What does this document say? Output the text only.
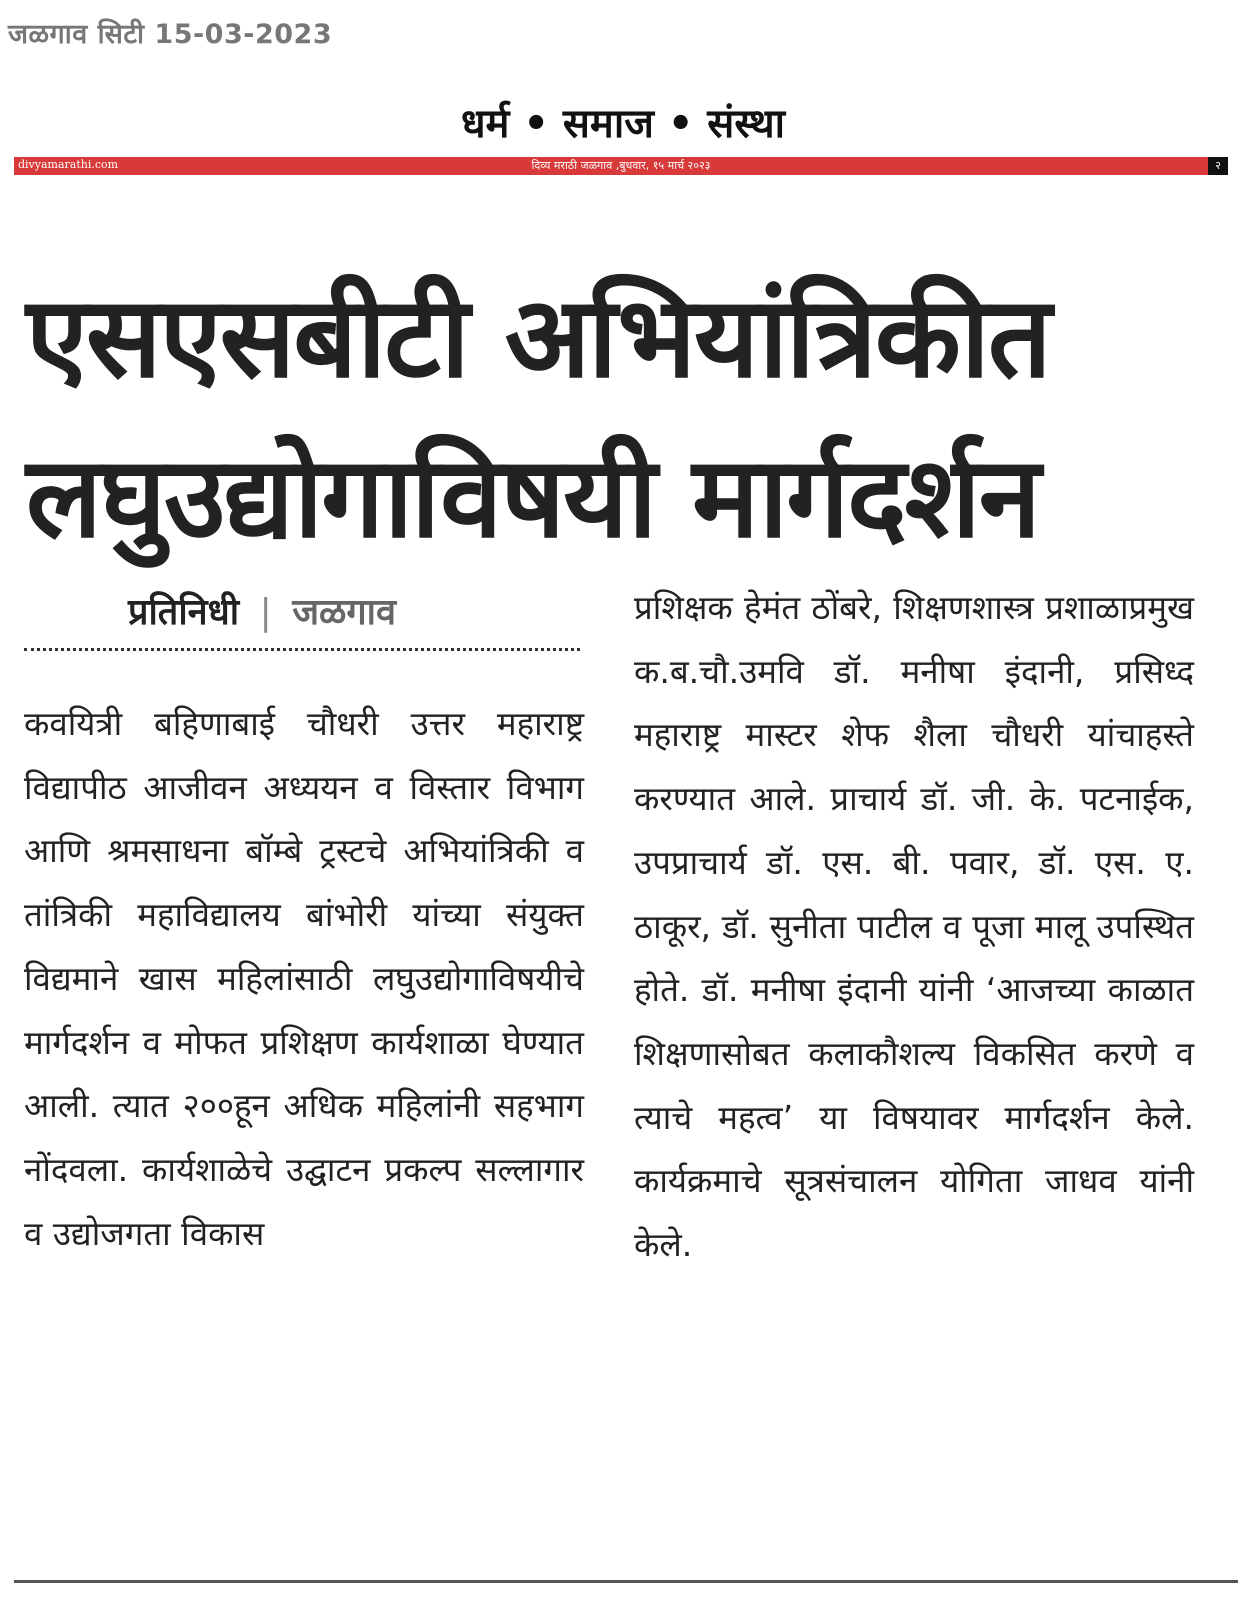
जळगाव सिटी 15-03-2023
धर्म • समाज • संस्था
divyamarathi.com	दिव्य मराठी जळगाव ,बुधवार, १५ मार्च २०२३	२
एसएसबीटी अभियांत्रिकीत
लघुउद्योगाविषयी मार्गदर्शन
प्रतिनिधी | जळगाव

कवयित्री बहिणाबाई चौधरी उत्तर महाराष्ट्र विद्यापीठ आजीवन अध्ययन व विस्तार विभाग आणि श्रमसाधना बॉम्बे ट्रस्टचे अभियांत्रिकी व तांत्रिकी महाविद्यालय बांभोरी यांच्या संयुक्त विद्यमाने खास महिलांसाठी लघुउद्योगाविषयीचे मार्गदर्शन व मोफत प्रशिक्षण कार्यशाळा घेण्यात आली. त्यात २००हून अधिक महिलांनी सहभाग नोंदवला. कार्यशाळेचे उद्घाटन प्रकल्प सल्लागार व उद्योजगता विकास

प्रशिक्षक हेमंत ठोंबरे, शिक्षणशास्त्र प्रशाळाप्रमुख क.ब.चौ.उमवि डॉ. मनीषा इंदानी, प्रसिध्द महाराष्ट्र मास्टर शेफ शैला चौधरी यांचाहस्ते करण्यात आले. प्राचार्य डॉ. जी. के. पटनाईक, उपप्राचार्य डॉ. एस. बी. पवार, डॉ. एस. ए. ठाकूर, डॉ. सुनीता पाटील व पूजा मालू उपस्थित होते. डॉ. मनीषा इंदानी यांनी ‘आजच्या काळात शिक्षणासोबत कलाकौशल्य विकसित करणे व त्याचे महत्व’ या विषयावर मार्गदर्शन केले. कार्यक्रमाचे सूत्रसंचालन योगिता जाधव यांनी केले.
